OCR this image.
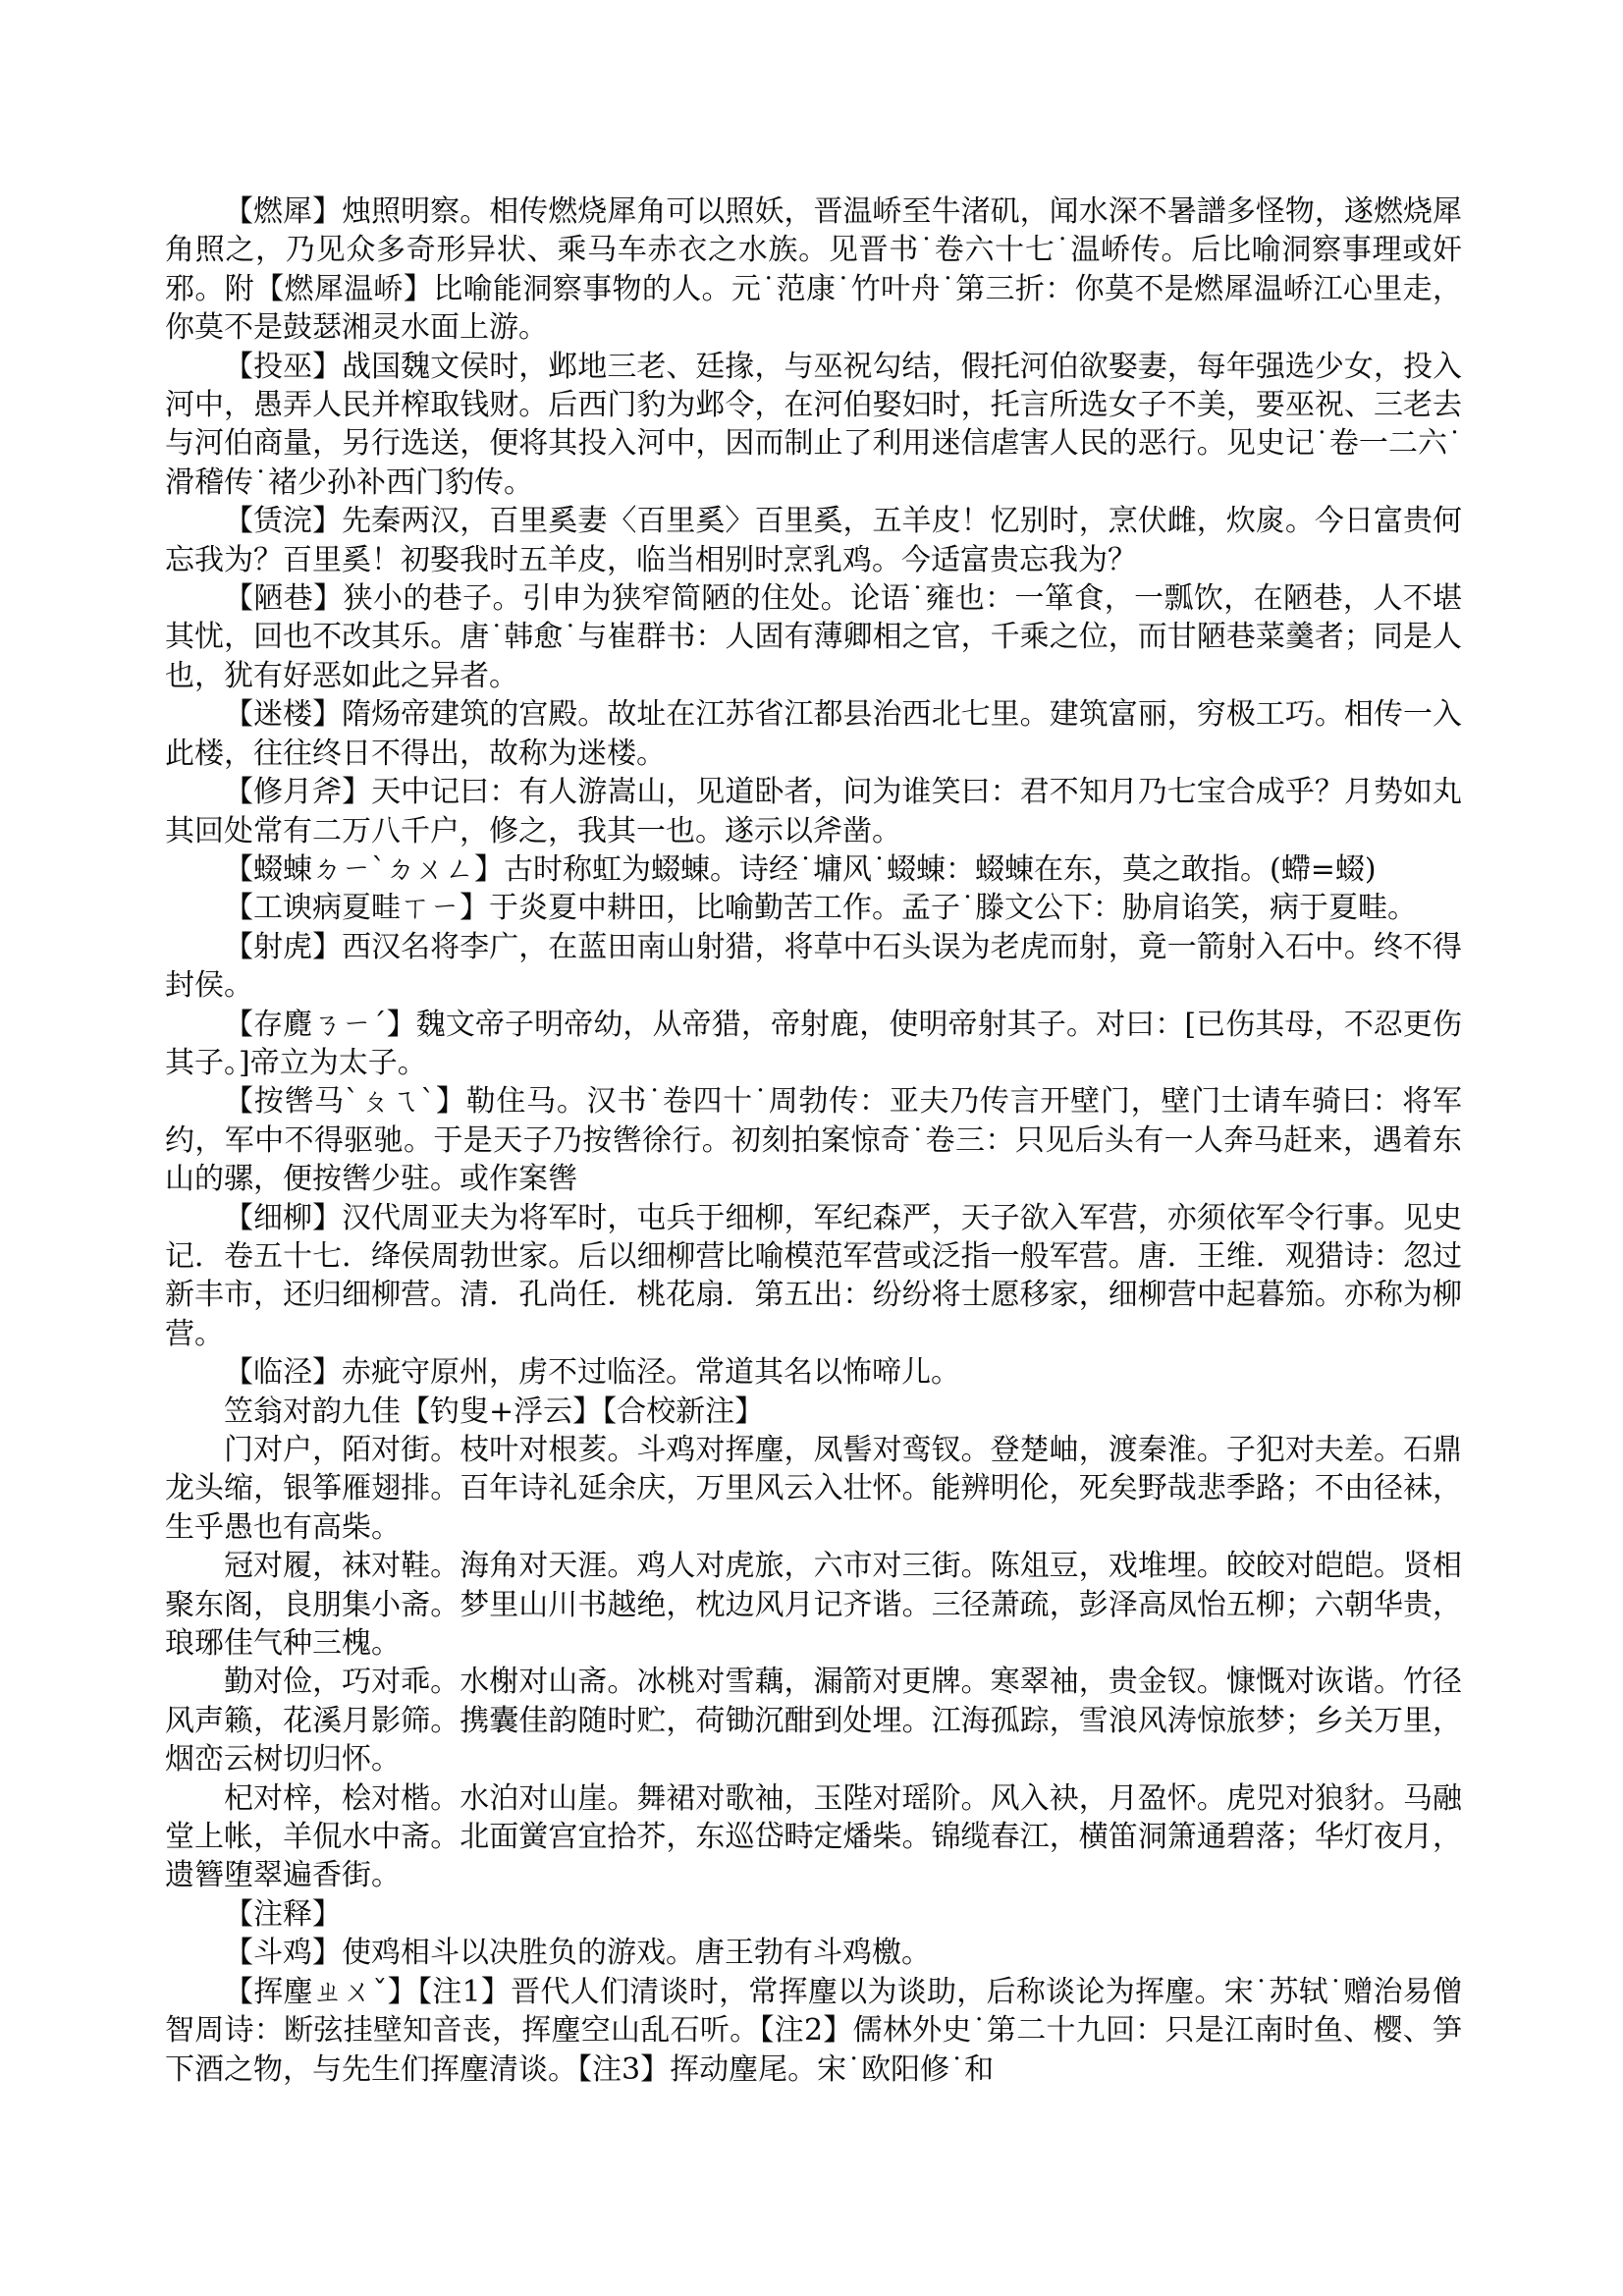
【燃犀】烛照明察。相传燃烧犀角可以照妖，晋温峤至牛渚矶，闻水深不暑譜多怪物，遂燃烧犀角照之，乃见众多奇形异状、乘马车赤衣之水族。见晋书˙卷六十七˙温峤传。后比喻洞察事理或奸邪。附【燃犀温峤】比喻能洞察事物的人。元˙范康˙竹叶舟˙第三折：你莫不是燃犀温峤江心里走，你莫不是鼓瑟湘灵水面上游。

【投巫】战国魏文侯时，邺地三老、廷掾，与巫祝勾结，假托河伯欲娶妻，每年强选少女，投入河中，愚弄人民并榨取钱财。后西门豹为邺令，在河伯娶妇时，托言所选女子不美，要巫祝、三老去与河伯商量，另行选送，便将其投入河中，因而制止了利用迷信虐害人民的恶行。见史记˙卷一二六˙滑稽传˙褚少孙补西门豹传。

【赁浣】先秦两汉，百里奚妻〈百里奚〉百里奚，五羊皮！忆别时，烹伏雌，炊扊。今日富贵何忘我为？百里奚！初娶我时五羊皮，临当相别时烹乳鸡。今适富贵忘我为？

【陋巷】狭小的巷子。引申为狭窄简陋的住处。论语˙雍也：一箪食，一瓢饮，在陋巷，人不堪其忧，回也不改其乐。唐˙韩愈˙与崔群书：人固有薄卿相之官，千乘之位，而甘陋巷菜羹者；同是人也，犹有好恶如此之异者。

【迷楼】隋炀帝建筑的宫殿。故址在江苏省江都县治西北七里。建筑富丽，穷极工巧。相传一入此楼，往往终日不得出，故称为迷楼。

【修月斧】天中记曰：有人游嵩山，见道卧者，问为谁笑曰：君不知月乃七宝合成乎？月势如丸其回处常有二万八千户，修之，我其一也。遂示以斧凿。

【蝃蝀ㄉㄧˋㄉㄨㄥ】古时称虹为蝃蝀。诗经˙墉风˙蝃蝀：蝃蝀在东，莫之敢指。(螮=蝃)

【工谀病夏畦ㄒㄧ】于炎夏中耕田，比喻勤苦工作。孟子˙滕文公下：胁肩谄笑，病于夏畦。

【射虎】西汉名将李广，在蓝田南山射猎，将草中石头误为老虎而射，竟一箭射入石中。终不得封侯。

【存麑ㄋㄧˊ】魏文帝子明帝幼，从帝猎，帝射鹿，使明帝射其子。对曰：[已伤其母，不忍更伤其子。]帝立为太子。

【按辔马ˋㄆㄟˋ】勒住马。汉书˙卷四十˙周勃传：亚夫乃传言开壁门，壁门士请车骑曰：将军约，军中不得驱驰。于是天子乃按辔徐行。初刻拍案惊奇˙卷三：只见后头有一人奔马赶来，遇着东山的骡，便按辔少驻。或作案辔

【细柳】汉代周亚夫为将军时，屯兵于细柳，军纪森严，天子欲入军营，亦须依军令行事。见史记．卷五十七．绛侯周勃世家。后以细柳营比喻模范军营或泛指一般军营。唐．王维．观猎诗：忽过新丰市，还归细柳营。清．孔尚任．桃花扇．第五出：纷纷将士愿移家，细柳营中起暮笳。亦称为柳营。

【临泾】赤疵守原州，虏不过临泾。常道其名以怖啼儿。

笠翁对韵九佳【钓叟+浮云】【合校新注】

门对户，陌对街。枝叶对根荄。斗鸡对挥麈，凤髻对鸾钗。登楚岫，渡秦淮。子犯对夫差。石鼎龙头缩，银筝雁翅排。百年诗礼延余庆，万里风云入壮怀。能辨明伦，死矣野哉悲季路；不由径袜，生乎愚也有高柴。

冠对履，袜对鞋。海角对天涯。鸡人对虎旅，六市对三街。陈俎豆，戏堆埋。皎皎对皑皑。贤相聚东阁，良朋集小斋。梦里山川书越绝，枕边风月记齐谐。三径萧疏，彭泽高凤怡五柳；六朝华贵，琅琊佳气种三槐。

勤对俭，巧对乖。水榭对山斋。冰桃对雪藕，漏箭对更牌。寒翠袖，贵金钗。慷慨对诙谐。竹径风声籁，花溪月影筛。携囊佳韵随时贮，荷锄沉酣到处埋。江海孤踪，雪浪风涛惊旅梦；乡关万里，烟峦云树切归怀。

杞对梓，桧对楷。水泊对山崖。舞裙对歌袖，玉陛对瑶阶。风入袂，月盈怀。虎兕对狼豺。马融堂上帐，羊侃水中斋。北面黉宫宜拾芥，东巡岱畤定燔柴。锦缆春江，横笛洞箫通碧落；华灯夜月，遗簪堕翠遍香街。

【注释】

【斗鸡】使鸡相斗以决胜负的游戏。唐王勃有斗鸡檄。

【挥麈ㄓㄨˇ】【注1】晋代人们清谈时，常挥麈以为谈助，后称谈论为挥麈。宋˙苏轼˙赠治易僧智周诗：断弦挂壁知音丧，挥麈空山乱石听。【注2】儒林外史˙第二十九回：只是江南时鱼、樱、笋下酒之物，与先生们挥麈清谈。【注3】挥动麈尾。宋˙欧阳修˙和
